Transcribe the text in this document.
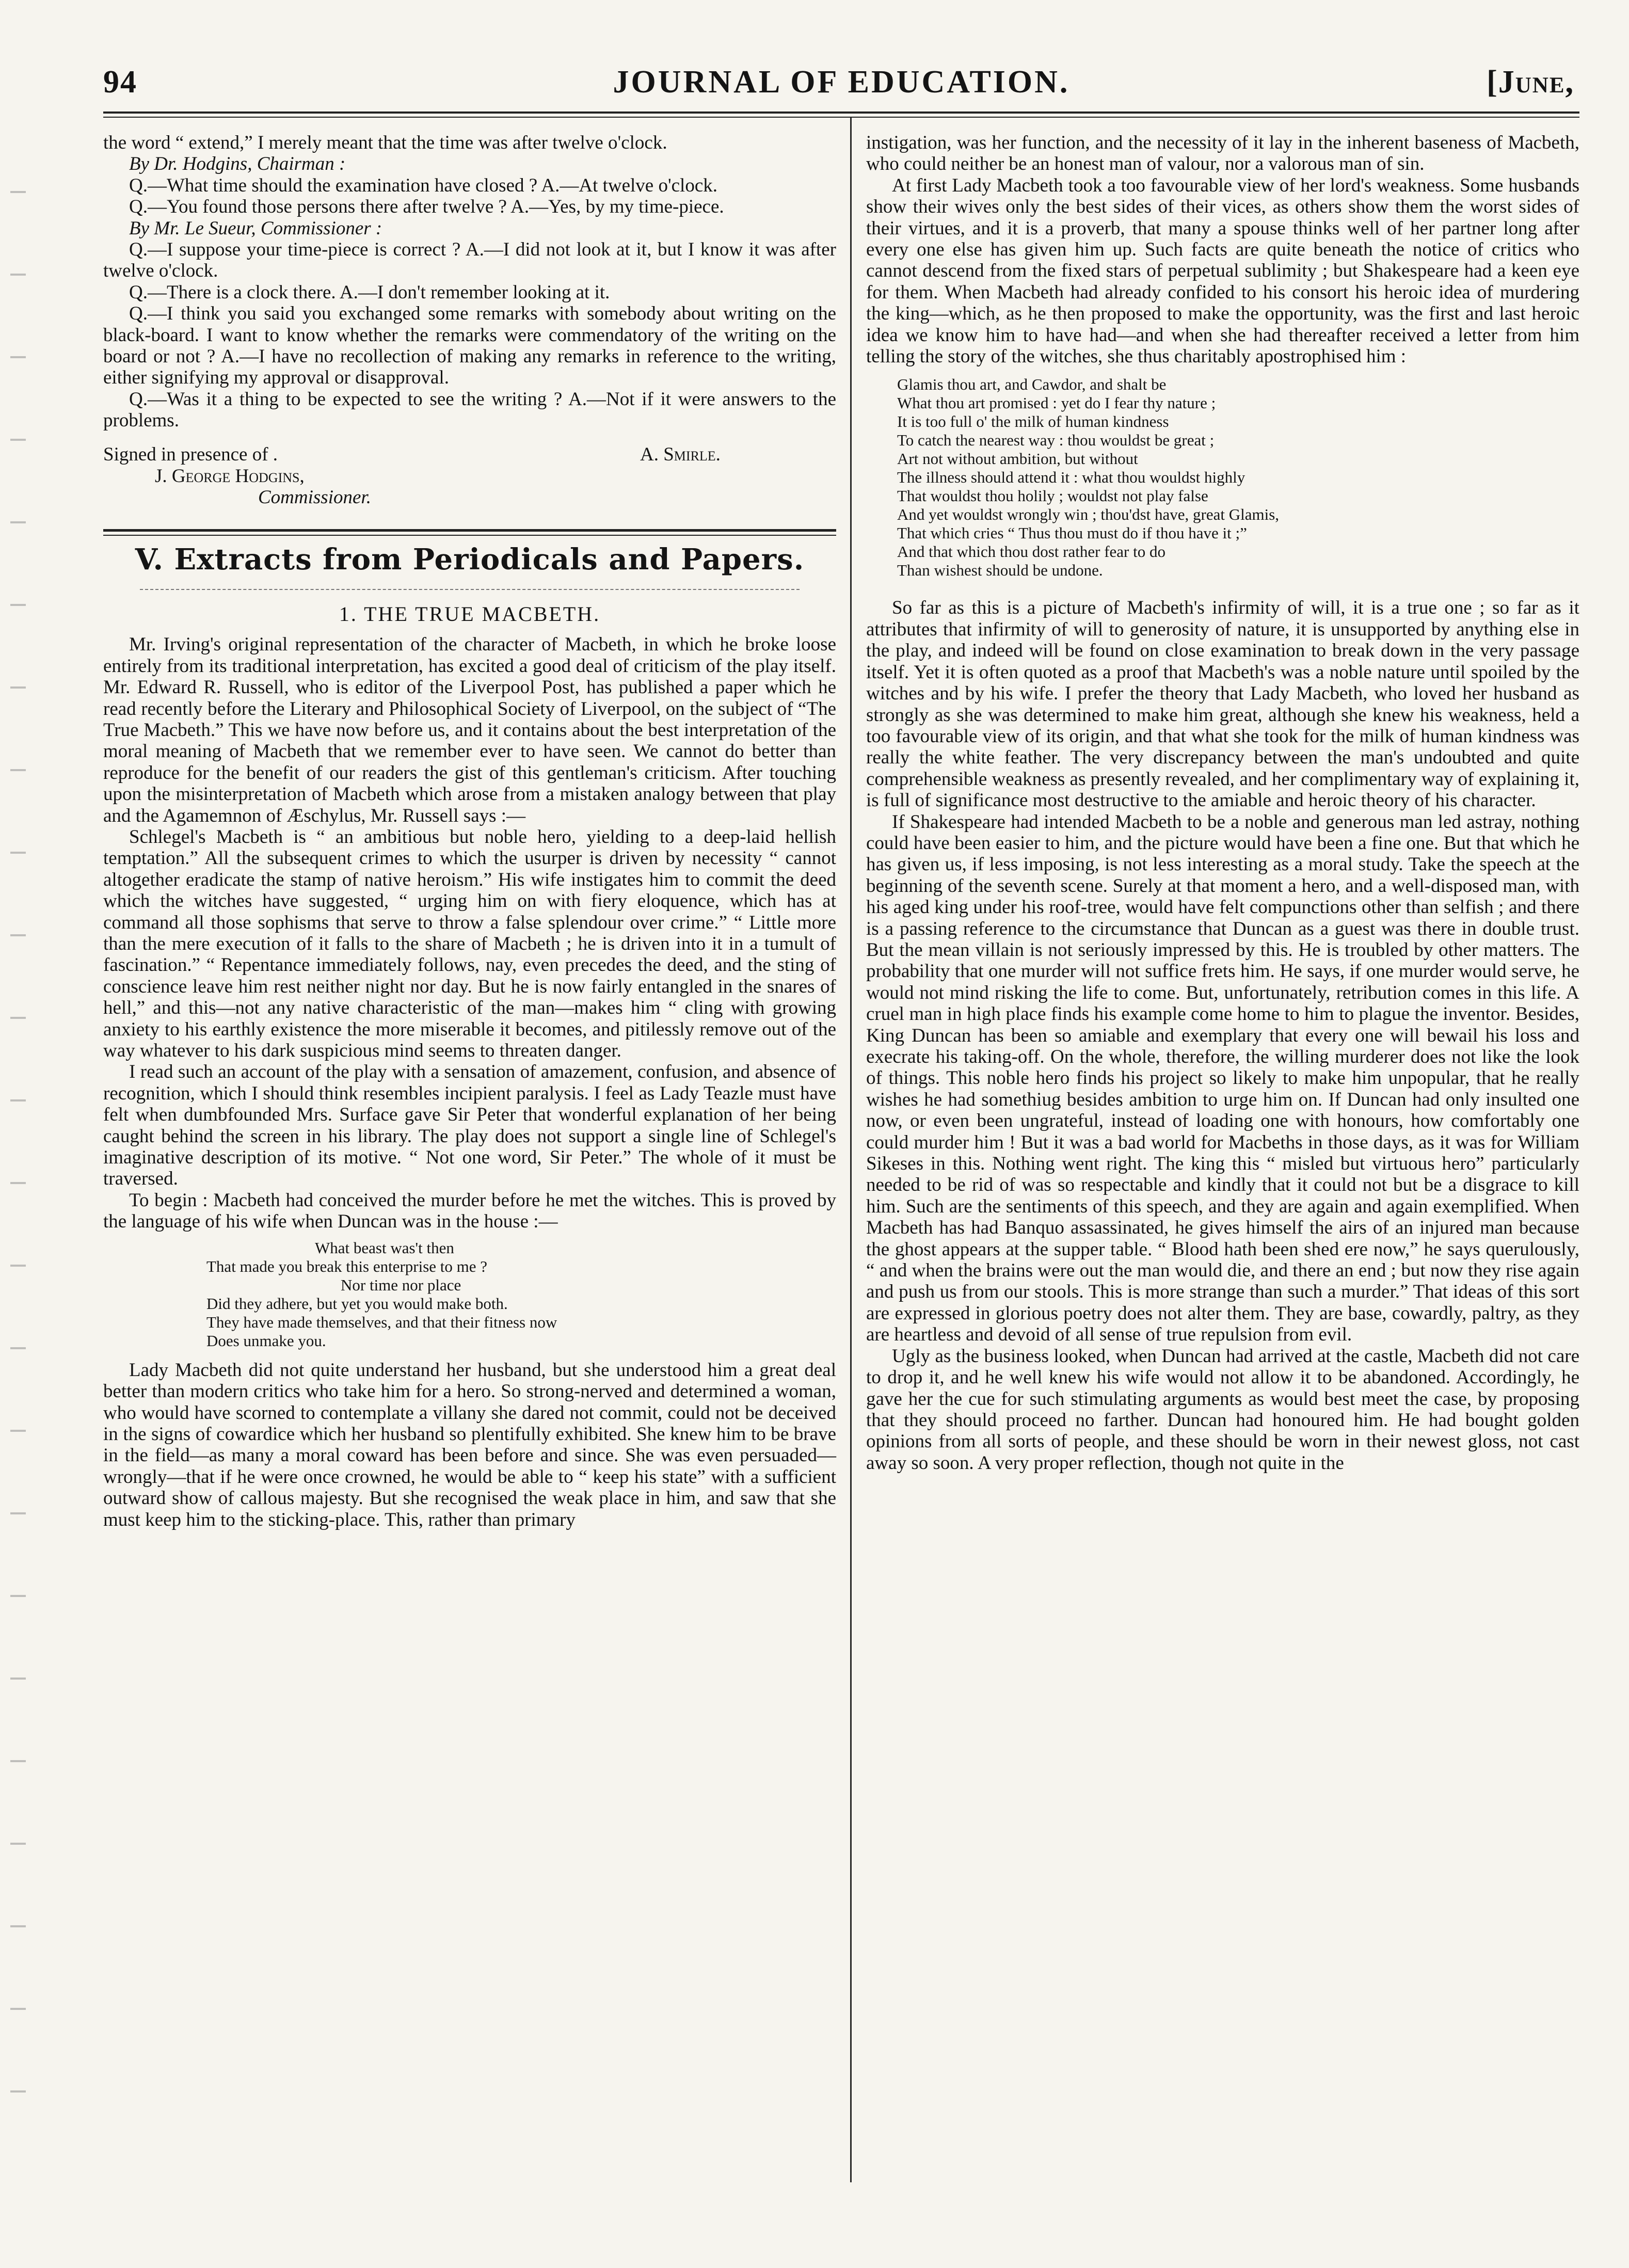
94	JOURNAL OF EDUCATION.	[June,

the word “ extend,” I merely meant that the time was after twelve o'clock.

By Dr. Hodgins, Chairman :

Q.—What time should the examination have closed ? A.—At twelve o'clock.

Q.—You found those persons there after twelve ? A.—Yes, by my time-piece.

By Mr. Le Sueur, Commissioner :

Q.—I suppose your time-piece is correct ? A.—I did not look at it, but I know it was after twelve o'clock.

Q.—There is a clock there. A.—I don't remember looking at it.

Q.—I think you said you exchanged some remarks with somebody about writing on the black-board. I want to know whether the remarks were commendatory of the writing on the board or not ? A.—I have no recollection of making any remarks in reference to the writing, either signifying my approval or disapproval.

Q.—Was it a thing to be expected to see the writing ? A.—Not if it were answers to the problems.

Signed in presence of .	A. Smirle.
J. George Hodgins,
Commissioner.
V. Extracts from Periodicals and Papers.
1. THE TRUE MACBETH.

Mr. Irving's original representation of the character of Macbeth, in which he broke loose entirely from its traditional interpretation, has excited a good deal of criticism of the play itself. Mr. Edward R. Russell, who is editor of the Liverpool Post, has published a paper which he read recently before the Literary and Philosophical Society of Liverpool, on the subject of “The True Macbeth.” This we have now before us, and it contains about the best interpretation of the moral meaning of Macbeth that we remember ever to have seen. We cannot do better than reproduce for the benefit of our readers the gist of this gentleman's criticism. After touching upon the misinterpretation of Macbeth which arose from a mistaken analogy between that play and the Agamemnon of Æschylus, Mr. Russell says :—

Schlegel's Macbeth is “ an ambitious but noble hero, yielding to a deep-laid hellish temptation.” All the subsequent crimes to which the usurper is driven by necessity “ cannot altogether eradicate the stamp of native heroism.” His wife instigates him to commit the deed which the witches have suggested, “ urging him on with fiery eloquence, which has at command all those sophisms that serve to throw a false splendour over crime.” “ Little more than the mere execution of it falls to the share of Macbeth ; he is driven into it in a tumult of fascination.” “ Repentance immediately follows, nay, even precedes the deed, and the sting of conscience leave him rest neither night nor day. But he is now fairly entangled in the snares of hell,” and this—not any native characteristic of the man—makes him “ cling with growing anxiety to his earthly existence the more miserable it becomes, and pitilessly remove out of the way whatever to his dark suspicious mind seems to threaten danger.

I read such an account of the play with a sensation of amazement, confusion, and absence of recognition, which I should think resembles incipient paralysis. I feel as Lady Teazle must have felt when dumbfounded Mrs. Surface gave Sir Peter that wonderful explanation of her being caught behind the screen in his library. The play does not support a single line of Schlegel's imaginative description of its motive. “ Not one word, Sir Peter.” The whole of it must be traversed.

To begin : Macbeth had conceived the murder before he met the witches. This is proved by the language of his wife when Duncan was in the house :—

What beast was't then
That made you break this enterprise to me ?
Nor time nor place
Did they adhere, but yet you would make both.
They have made themselves, and that their fitness now
Does unmake you.

Lady Macbeth did not quite understand her husband, but she understood him a great deal better than modern critics who take him for a hero. So strong-nerved and determined a woman, who would have scorned to contemplate a villany she dared not commit, could not be deceived in the signs of cowardice which her husband so plentifully exhibited. She knew him to be brave in the field—as many a moral coward has been before and since. She was even persuaded—wrongly—that if he were once crowned, he would be able to “ keep his state” with a sufficient outward show of callous majesty. But she recognised the weak place in him, and saw that she must keep him to the sticking-place. This, rather than primary

instigation, was her function, and the necessity of it lay in the inherent baseness of Macbeth, who could neither be an honest man of valour, nor a valorous man of sin.

At first Lady Macbeth took a too favourable view of her lord's weakness. Some husbands show their wives only the best sides of their vices, as others show them the worst sides of their virtues, and it is a proverb, that many a spouse thinks well of her partner long after every one else has given him up. Such facts are quite beneath the notice of critics who cannot descend from the fixed stars of perpetual sublimity ; but Shakespeare had a keen eye for them. When Macbeth had already confided to his consort his heroic idea of murdering the king—which, as he then proposed to make the opportunity, was the first and last heroic idea we know him to have had—and when she had thereafter received a letter from him telling the story of the witches, she thus charitably apostrophised him :

Glamis thou art, and Cawdor, and shalt be
What thou art promised : yet do I fear thy nature ;
It is too full o' the milk of human kindness
To catch the nearest way : thou wouldst be great ;
Art not without ambition, but without
The illness should attend it : what thou wouldst highly
That wouldst thou holily ; wouldst not play false
And yet wouldst wrongly win ; thou'dst have, great Glamis,
That which cries “ Thus thou must do if thou have it ;”
And that which thou dost rather fear to do
Than wishest should be undone.

So far as this is a picture of Macbeth's infirmity of will, it is a true one ; so far as it attributes that infirmity of will to generosity of nature, it is unsupported by anything else in the play, and indeed will be found on close examination to break down in the very passage itself. Yet it is often quoted as a proof that Macbeth's was a noble nature until spoiled by the witches and by his wife. I prefer the theory that Lady Macbeth, who loved her husband as strongly as she was determined to make him great, although she knew his weakness, held a too favourable view of its origin, and that what she took for the milk of human kindness was really the white feather. The very discrepancy between the man's undoubted and quite comprehensible weakness as presently revealed, and her complimentary way of explaining it, is full of significance most destructive to the amiable and heroic theory of his character.

If Shakespeare had intended Macbeth to be a noble and generous man led astray, nothing could have been easier to him, and the picture would have been a fine one. But that which he has given us, if less imposing, is not less interesting as a moral study. Take the speech at the beginning of the seventh scene. Surely at that moment a hero, and a well-disposed man, with his aged king under his roof-tree, would have felt compunctions other than selfish ; and there is a passing reference to the circumstance that Duncan as a guest was there in double trust. But the mean villain is not seriously impressed by this. He is troubled by other matters. The probability that one murder will not suffice frets him. He says, if one murder would serve, he would not mind risking the life to come. But, unfortunately, retribution comes in this life. A cruel man in high place finds his example come home to him to plague the inventor. Besides, King Duncan has been so amiable and exemplary that every one will bewail his loss and execrate his taking-off. On the whole, therefore, the willing murderer does not like the look of things. This noble hero finds his project so likely to make him unpopular, that he really wishes he had somethiug besides ambition to urge him on. If Duncan had only insulted one now, or even been ungrateful, instead of loading one with honours, how comfortably one could murder him ! But it was a bad world for Macbeths in those days, as it was for William Sikeses in this. Nothing went right. The king this “ misled but virtuous hero” particularly needed to be rid of was so respectable and kindly that it could not but be a disgrace to kill him. Such are the sentiments of this speech, and they are again and again exemplified. When Macbeth has had Banquo assassinated, he gives himself the airs of an injured man because the ghost appears at the supper table. “ Blood hath been shed ere now,” he says querulously, “ and when the brains were out the man would die, and there an end ; but now they rise again and push us from our stools. This is more strange than such a murder.” That ideas of this sort are expressed in glorious poetry does not alter them. They are base, cowardly, paltry, as they are heartless and devoid of all sense of true repulsion from evil.

Ugly as the business looked, when Duncan had arrived at the castle, Macbeth did not care to drop it, and he well knew his wife would not allow it to be abandoned. Accordingly, he gave her the cue for such stimulating arguments as would best meet the case, by proposing that they should proceed no farther. Duncan had honoured him. He had bought golden opinions from all sorts of people, and these should be worn in their newest gloss, not cast away so soon. A very proper reflection, though not quite in the
